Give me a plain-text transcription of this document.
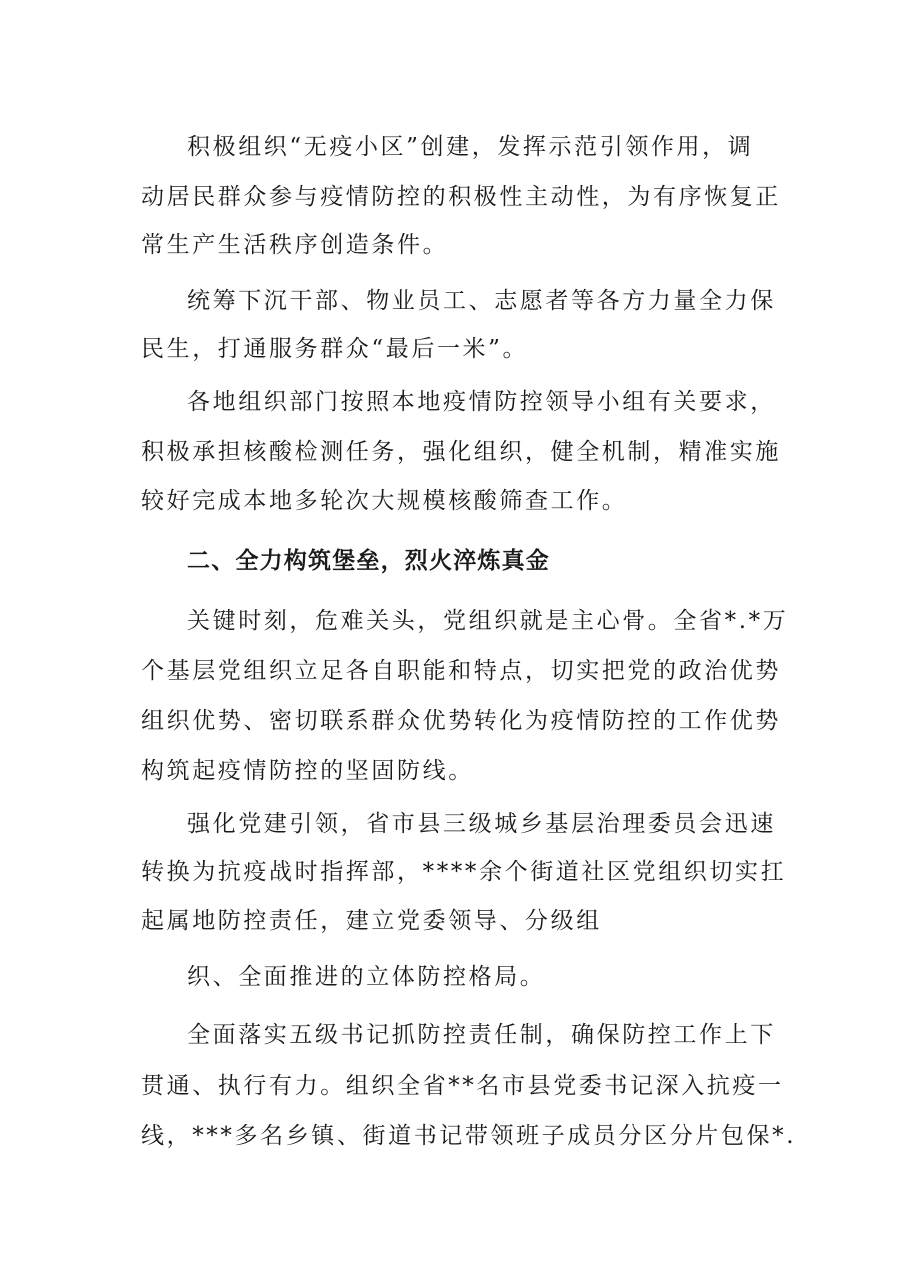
积极组织“无疫小区”创建，发挥示范引领作用，调
动居民群众参与疫情防控的积极性主动性，为有序恢复正
常生产生活秩序创造条件。
统筹下沉干部、物业员工、志愿者等各方力量全力保
民生，打通服务群众“最后一米”。
各地组织部门按照本地疫情防控领导小组有关要求，
积极承担核酸检测任务，强化组织，健全机制，精准实施
较好完成本地多轮次大规模核酸筛查工作。
二、全力构筑堡垒，烈火淬炼真金
关键时刻，危难关头，党组织就是主心骨。全省*.*万
个基层党组织立足各自职能和特点，切实把党的政治优势
组织优势、密切联系群众优势转化为疫情防控的工作优势
构筑起疫情防控的坚固防线。
强化党建引领，省市县三级城乡基层治理委员会迅速
转换为抗疫战时指挥部，****余个街道社区党组织切实扛
起属地防控责任，建立党委领导、分级组
织、全面推进的立体防控格局。
全面落实五级书记抓防控责任制，确保防控工作上下
贯通、执行有力。组织全省**名市县党委书记深入抗疫一
线，***多名乡镇、街道书记带领班子成员分区分片包保*.
